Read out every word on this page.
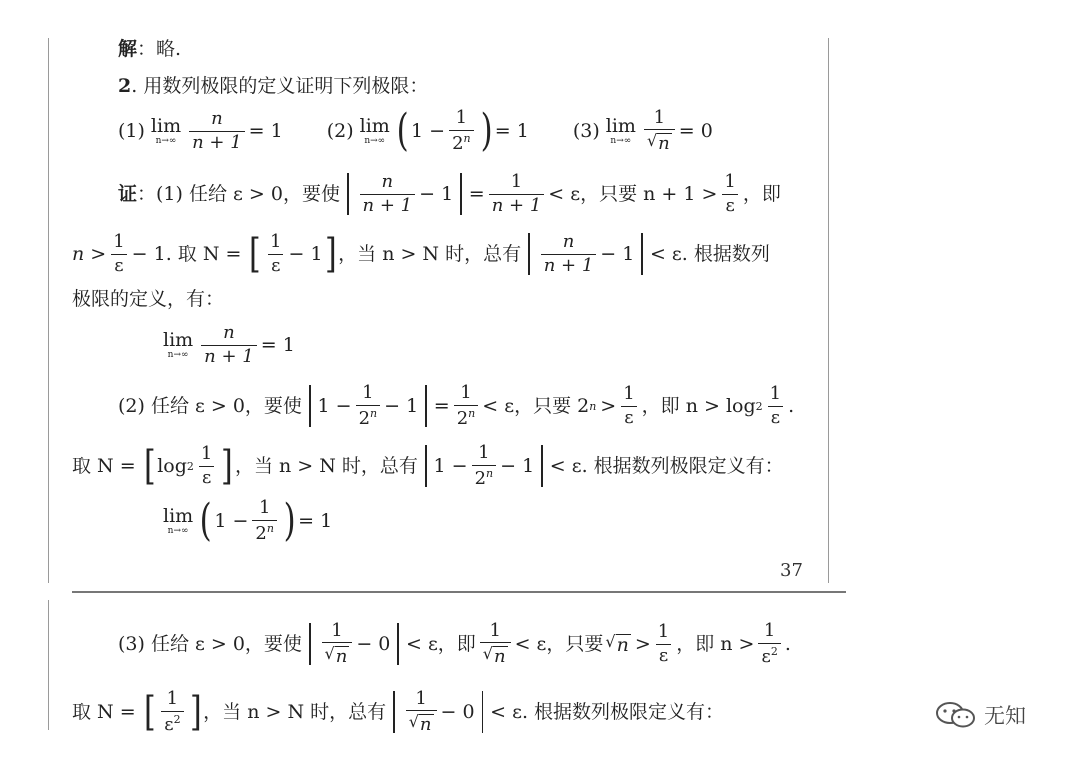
解 ：略.
2 . 用数列极限的定义证明下列极限：
(1) lim
$n\to\infty \frac{n}{n + 1} = 1$ (2) lim
n→∞ ( $1 - \frac{1}{2^n}$ ) = 1 (3) lim
$n\to\infty \frac{1}{√ n} = 0$
证 ：(1) 任给 ε > 0，要使 $\frac{n}{n + 1} - 1 = \frac{1}{n + 1} < \varepsilon$，只要 $n + 1 > \frac{1}{\varepsilon}$ ，即
$n > \frac{1}{\varepsilon} - 1$. 取 N = [ $\frac{1}{\varepsilon} - 1$ ] ，当 n > N 时，总有 $\frac{n}{n + 1} - 1 < \varepsilon$. 根据数列
极限的定义，有：
lim
$n\to\infty \frac{n}{n + 1} = 1$
(2) 任给 ε > 0，要使 $1 - \frac{1}{2^n} - 1 = \frac{1}{2^n} < \varepsilon$，只要 2 $n > \frac{1}{\varepsilon}$ ，即 $n > \log 2 \frac{1}{\varepsilon}$ .
取 N = [ $\log 2 \frac{1}{\varepsilon}$ ] ，当 n > N 时，总有 $1 - \frac{1}{2^n} - 1 < \varepsilon$. 根据数列极限定义有：
lim
n→∞ ( $1 - \frac{1}{2^n}$ ) = 1
37
(3) 任给 ε > 0，要使 $\frac{1}{√ n} - 0 < \varepsilon$，即 $\frac{1}{√ n} < \varepsilon$，只要 √ $n > \frac{1}{\varepsilon}$ ，即 $n > \frac{1}{\varepsilon^2}$ .
取 N = [ $\frac{1}{\varepsilon^2}$ ] ，当 n > N 时，总有 $\frac{1}{√ n} - 0 < \varepsilon$. 根据数列极限定义有：	无知
